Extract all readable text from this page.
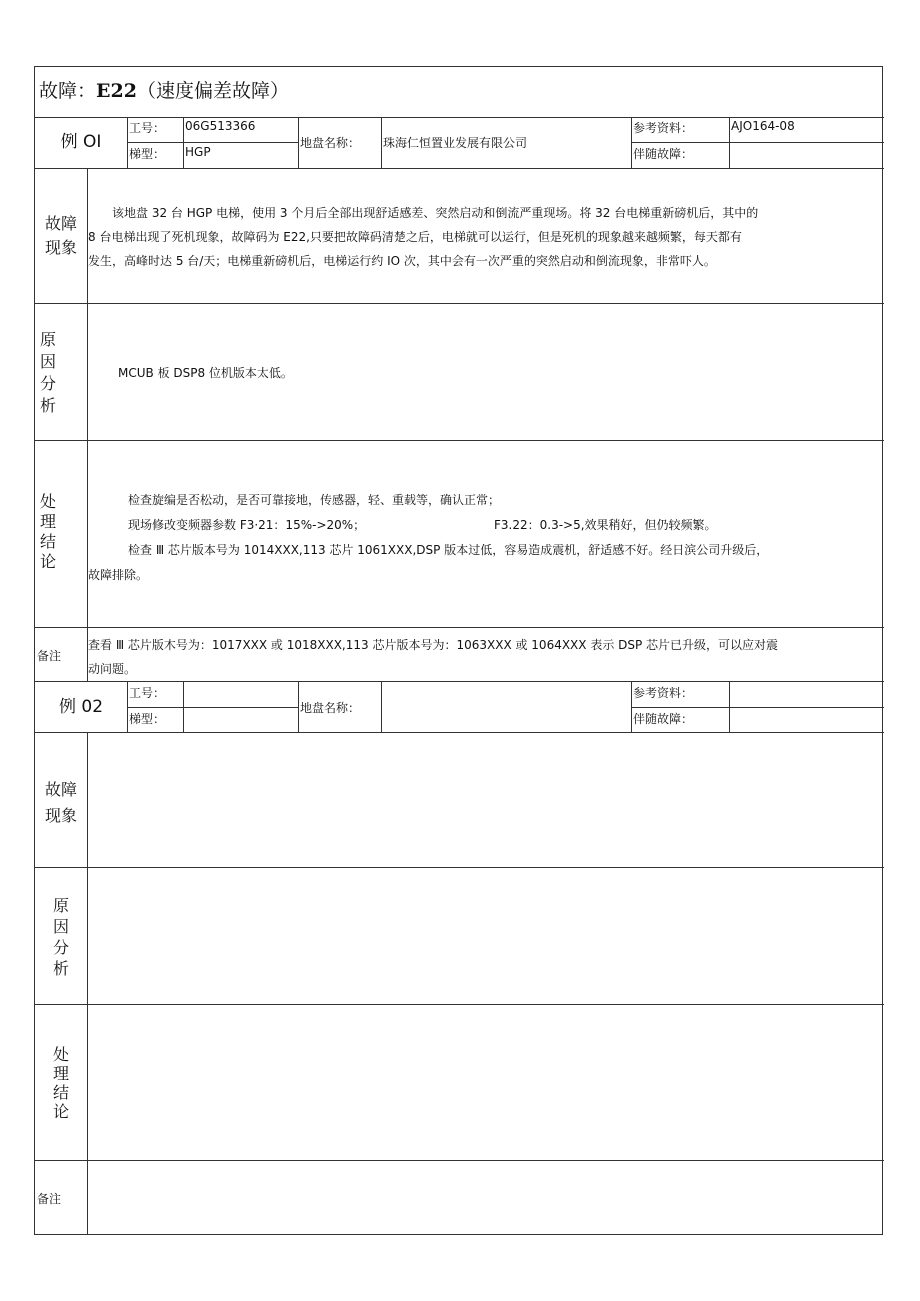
故障：E22（速度偏差故障）
例 OI
工号： 06G513366
梯型： HGP
地盘名称： 珠海仁恒置业发展有限公司
参考资料：	AJO164-08
伴随故障：
故障
现象
该地盘 32 台 HGP 电梯，使用 3 个月后全部出现舒适感差、突然启动和倒流严重现场。将 32 台电梯重新磅机后，其中的
8 台电梯出现了死机现象，故障码为 E22,只要把故障码清楚之后，电梯就可以运行，但是死机的现象越来越频繁，每天都有
发生，高峰时达 5 台/天；电梯重新磅机后，电梯运行约 IO 次，其中会有一次严重的突然启动和倒流现象，非常吓人。
原
因
分
析
MCUB 板 DSP8 位机版本太低。
处
理
结
论
检查旋编是否松动，是否可靠接地，传感器，轻、重载等，确认正常；
现场修改变频器参数 F3·21：15%->20%；	F3.22：0.3->5,效果稍好，但仍较频繁。
检查 Ⅲ 芯片版本号为 1014XXX,113 芯片 1061XXX,DSP 版本过低，容易造成震机，舒适感不好。经日滨公司升级后，
故障排除。
备注
查看 Ⅲ 芯片版木号为：1017XXX 或 1018XXX,113 芯片版本号为：1063XXX 或 1064XXX 表示 DSP 芯片已升级，可以应对震
动问题。
例 02
工号：
梯型：
地盘名称：
参考资料：
伴随故障：
故障
现象
原
因
分
析
处
理
结
论
备注
